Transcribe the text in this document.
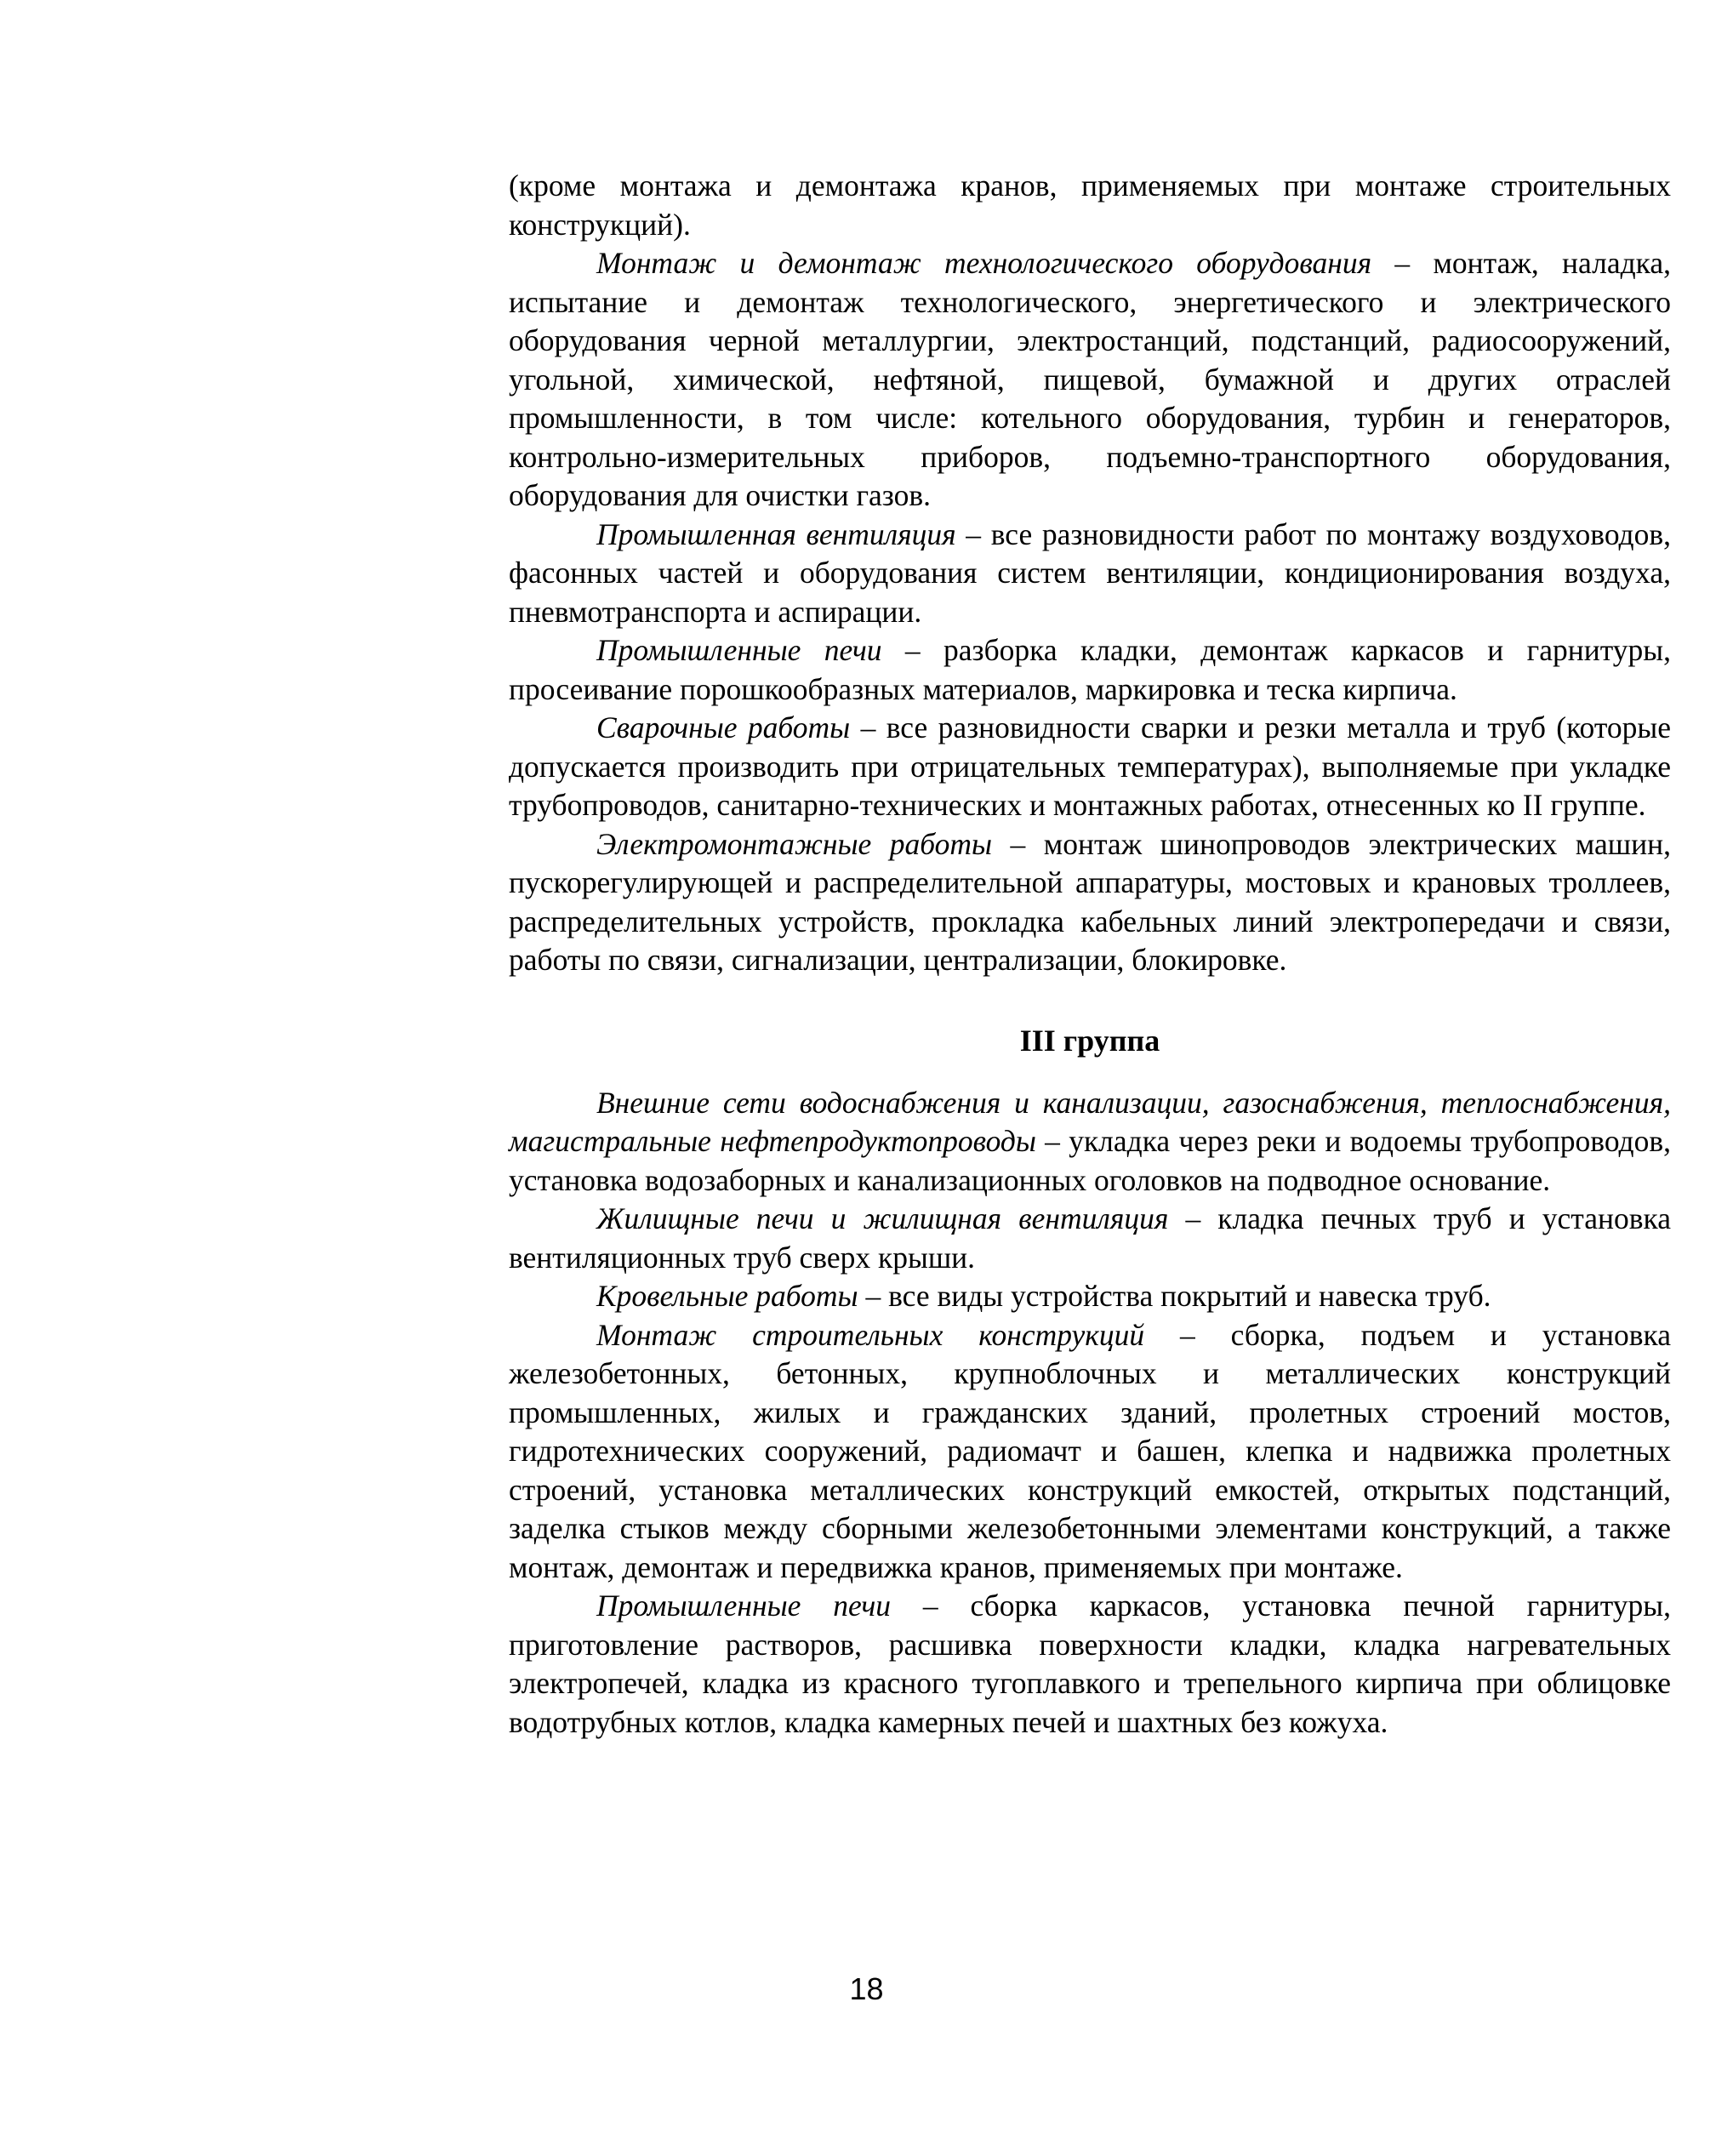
(кроме монтажа и демонтажа кранов, применяемых при монтаже строительных конструкций).

Монтаж и демонтаж технологического оборудования – монтаж, наладка, испытание и демонтаж технологического, энергетического и электрического оборудования черной металлургии, электростанций, подстанций, радиосооружений, угольной, химической, нефтяной, пищевой, бумажной и других отраслей промышленности, в том числе: котельного оборудования, турбин и генераторов, контрольно-измерительных приборов, подъемно-транспортного оборудования, оборудования для очистки газов.

Промышленная вентиляция – все разновидности работ по монтажу воздуховодов, фасонных частей и оборудования систем вентиляции, кондиционирования воздуха, пневмотранспорта и аспирации.

Промышленные печи – разборка кладки, демонтаж каркасов и гарнитуры, просеивание порошкообразных материалов, маркировка и теска кирпича.

Сварочные работы – все разновидности сварки и резки металла и труб (которые допускается производить при отрицательных температурах), выполняемые при укладке трубопроводов, санитарно-технических и монтажных работах, отнесенных ко II группе.

Электромонтажные работы – монтаж шинопроводов электрических машин, пускорегулирующей и распределительной аппаратуры, мостовых и крановых троллеев, распределительных устройств, прокладка кабельных линий электропередачи и связи, работы по связи, сигнализации, централизации, блокировке.

III группа

Внешние сети водоснабжения и канализации, газоснабжения, теплоснабжения, магистральные нефтепродуктопроводы – укладка через реки и водоемы трубопроводов, установка водозаборных и канализационных оголовков на подводное основание.

Жилищные печи и жилищная вентиляция – кладка печных труб и установка вентиляционных труб сверх крыши.

Кровельные работы – все виды устройства покрытий и навеска труб.

Монтаж строительных конструкций – сборка, подъем и установка железобетонных, бетонных, крупноблочных и металлических конструкций промышленных, жилых и гражданских зданий, пролетных строений мостов, гидротехнических сооружений, радиомачт и башен, клепка и надвижка пролетных строений, установка металлических конструкций емкостей, открытых подстанций, заделка стыков между сборными железобетонными элементами конструкций, а также монтаж, демонтаж и передвижка кранов, применяемых при монтаже.

Промышленные печи – сборка каркасов, установка печной гарнитуры, приготовление растворов, расшивка поверхности кладки, кладка нагревательных электропечей, кладка из красного тугоплавкого и трепельного кирпича при облицовке водотрубных котлов, кладка камерных печей и шахтных без кожуха.

18
